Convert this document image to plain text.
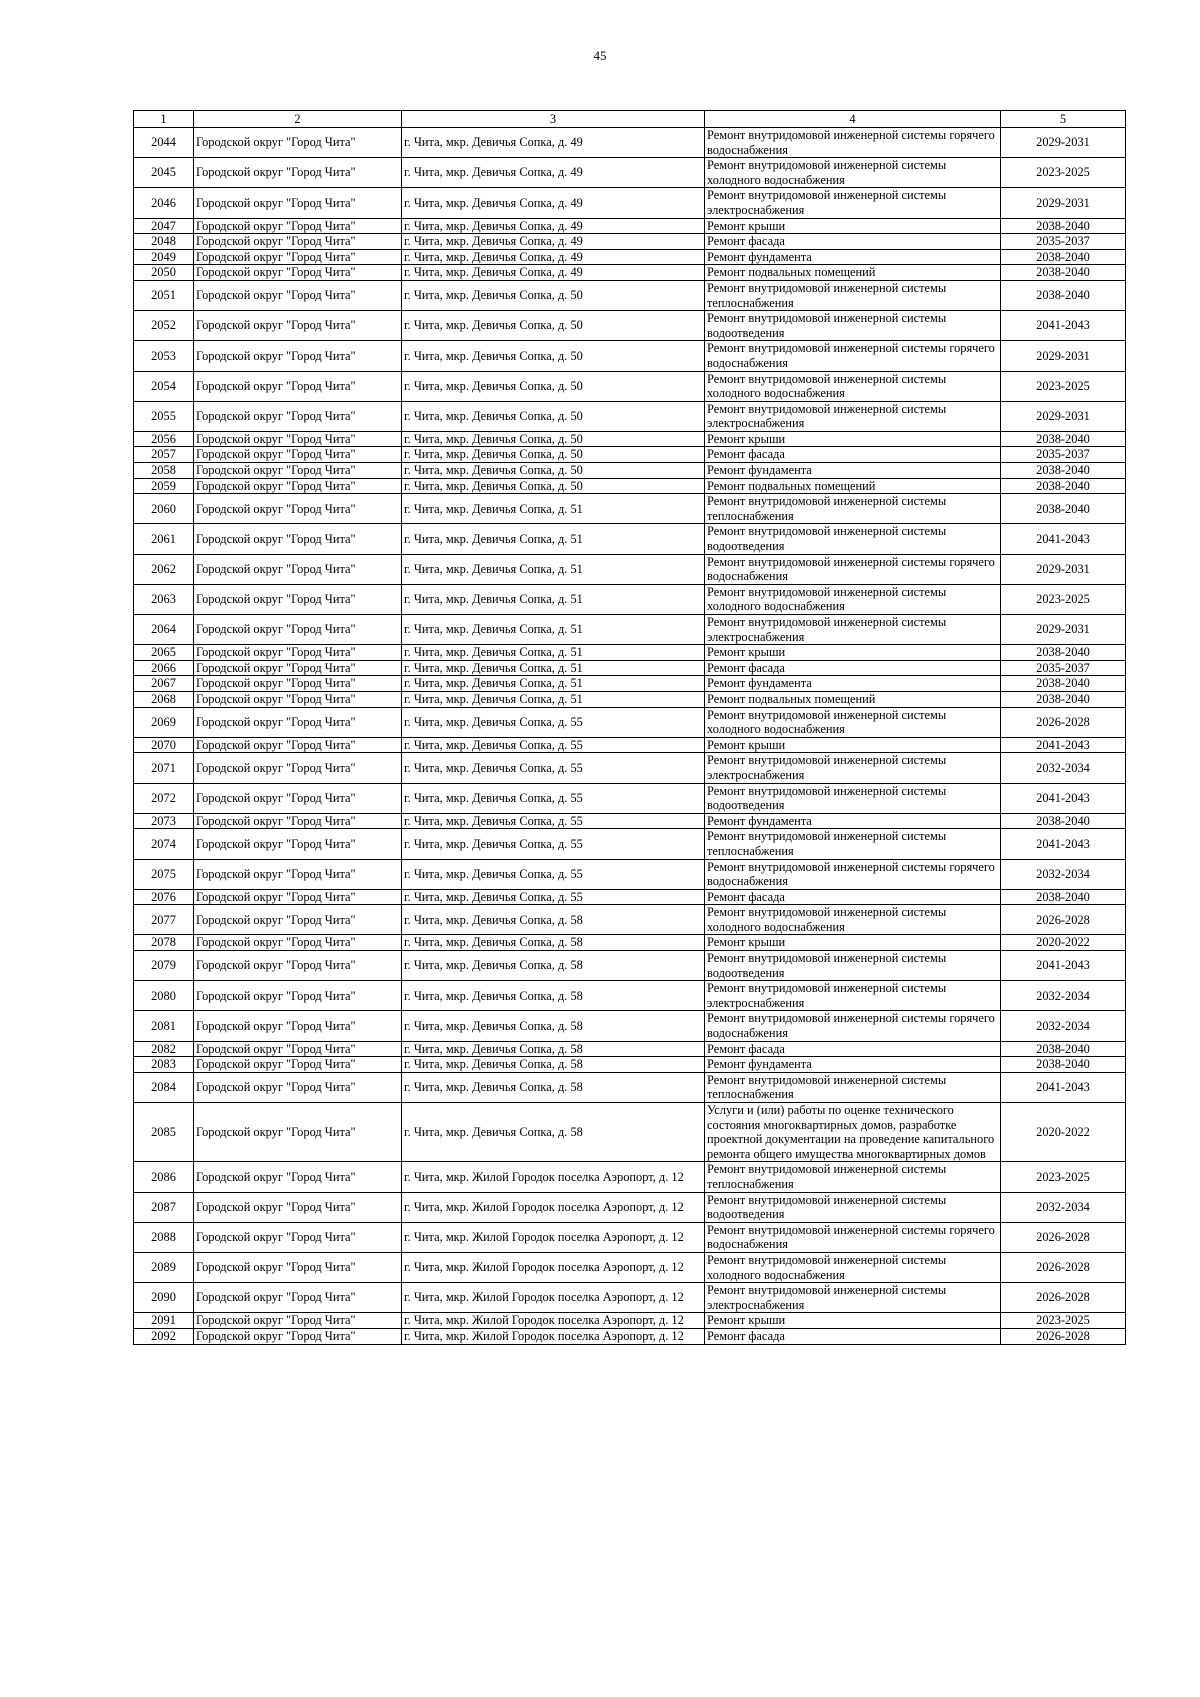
45
1	2	3	4	5
2044	Городской округ "Город Чита"	г. Чита, мкр. Девичья Сопка, д. 49	Ремонт внутридомовой инженерной системы горячего водоснабжения	2029-2031
2045	Городской округ "Город Чита"	г. Чита, мкр. Девичья Сопка, д. 49	Ремонт внутридомовой инженерной системы холодного водоснабжения	2023-2025
2046	Городской округ "Город Чита"	г. Чита, мкр. Девичья Сопка, д. 49	Ремонт внутридомовой инженерной системы электроснабжения	2029-2031
2047	Городской округ "Город Чита"	г. Чита, мкр. Девичья Сопка, д. 49	Ремонт крыши	2038-2040
2048	Городской округ "Город Чита"	г. Чита, мкр. Девичья Сопка, д. 49	Ремонт фасада	2035-2037
2049	Городской округ "Город Чита"	г. Чита, мкр. Девичья Сопка, д. 49	Ремонт фундамента	2038-2040
2050	Городской округ "Город Чита"	г. Чита, мкр. Девичья Сопка, д. 49	Ремонт подвальных помещений	2038-2040
2051	Городской округ "Город Чита"	г. Чита, мкр. Девичья Сопка, д. 50	Ремонт внутридомовой инженерной системы теплоснабжения	2038-2040
2052	Городской округ "Город Чита"	г. Чита, мкр. Девичья Сопка, д. 50	Ремонт внутридомовой инженерной системы водоотведения	2041-2043
2053	Городской округ "Город Чита"	г. Чита, мкр. Девичья Сопка, д. 50	Ремонт внутридомовой инженерной системы горячего водоснабжения	2029-2031
2054	Городской округ "Город Чита"	г. Чита, мкр. Девичья Сопка, д. 50	Ремонт внутридомовой инженерной системы холодного водоснабжения	2023-2025
2055	Городской округ "Город Чита"	г. Чита, мкр. Девичья Сопка, д. 50	Ремонт внутридомовой инженерной системы электроснабжения	2029-2031
2056	Городской округ "Город Чита"	г. Чита, мкр. Девичья Сопка, д. 50	Ремонт крыши	2038-2040
2057	Городской округ "Город Чита"	г. Чита, мкр. Девичья Сопка, д. 50	Ремонт фасада	2035-2037
2058	Городской округ "Город Чита"	г. Чита, мкр. Девичья Сопка, д. 50	Ремонт фундамента	2038-2040
2059	Городской округ "Город Чита"	г. Чита, мкр. Девичья Сопка, д. 50	Ремонт подвальных помещений	2038-2040
2060	Городской округ "Город Чита"	г. Чита, мкр. Девичья Сопка, д. 51	Ремонт внутридомовой инженерной системы теплоснабжения	2038-2040
2061	Городской округ "Город Чита"	г. Чита, мкр. Девичья Сопка, д. 51	Ремонт внутридомовой инженерной системы водоотведения	2041-2043
2062	Городской округ "Город Чита"	г. Чита, мкр. Девичья Сопка, д. 51	Ремонт внутридомовой инженерной системы горячего водоснабжения	2029-2031
2063	Городской округ "Город Чита"	г. Чита, мкр. Девичья Сопка, д. 51	Ремонт внутридомовой инженерной системы холодного водоснабжения	2023-2025
2064	Городской округ "Город Чита"	г. Чита, мкр. Девичья Сопка, д. 51	Ремонт внутридомовой инженерной системы электроснабжения	2029-2031
2065	Городской округ "Город Чита"	г. Чита, мкр. Девичья Сопка, д. 51	Ремонт крыши	2038-2040
2066	Городской округ "Город Чита"	г. Чита, мкр. Девичья Сопка, д. 51	Ремонт фасада	2035-2037
2067	Городской округ "Город Чита"	г. Чита, мкр. Девичья Сопка, д. 51	Ремонт фундамента	2038-2040
2068	Городской округ "Город Чита"	г. Чита, мкр. Девичья Сопка, д. 51	Ремонт подвальных помещений	2038-2040
2069	Городской округ "Город Чита"	г. Чита, мкр. Девичья Сопка, д. 55	Ремонт внутридомовой инженерной системы холодного водоснабжения	2026-2028
2070	Городской округ "Город Чита"	г. Чита, мкр. Девичья Сопка, д. 55	Ремонт крыши	2041-2043
2071	Городской округ "Город Чита"	г. Чита, мкр. Девичья Сопка, д. 55	Ремонт внутридомовой инженерной системы электроснабжения	2032-2034
2072	Городской округ "Город Чита"	г. Чита, мкр. Девичья Сопка, д. 55	Ремонт внутридомовой инженерной системы водоотведения	2041-2043
2073	Городской округ "Город Чита"	г. Чита, мкр. Девичья Сопка, д. 55	Ремонт фундамента	2038-2040
2074	Городской округ "Город Чита"	г. Чита, мкр. Девичья Сопка, д. 55	Ремонт внутридомовой инженерной системы теплоснабжения	2041-2043
2075	Городской округ "Город Чита"	г. Чита, мкр. Девичья Сопка, д. 55	Ремонт внутридомовой инженерной системы горячего водоснабжения	2032-2034
2076	Городской округ "Город Чита"	г. Чита, мкр. Девичья Сопка, д. 55	Ремонт фасада	2038-2040
2077	Городской округ "Город Чита"	г. Чита, мкр. Девичья Сопка, д. 58	Ремонт внутридомовой инженерной системы холодного водоснабжения	2026-2028
2078	Городской округ "Город Чита"	г. Чита, мкр. Девичья Сопка, д. 58	Ремонт крыши	2020-2022
2079	Городской округ "Город Чита"	г. Чита, мкр. Девичья Сопка, д. 58	Ремонт внутридомовой инженерной системы водоотведения	2041-2043
2080	Городской округ "Город Чита"	г. Чита, мкр. Девичья Сопка, д. 58	Ремонт внутридомовой инженерной системы электроснабжения	2032-2034
2081	Городской округ "Город Чита"	г. Чита, мкр. Девичья Сопка, д. 58	Ремонт внутридомовой инженерной системы горячего водоснабжения	2032-2034
2082	Городской округ "Город Чита"	г. Чита, мкр. Девичья Сопка, д. 58	Ремонт фасада	2038-2040
2083	Городской округ "Город Чита"	г. Чита, мкр. Девичья Сопка, д. 58	Ремонт фундамента	2038-2040
2084	Городской округ "Город Чита"	г. Чита, мкр. Девичья Сопка, д. 58	Ремонт внутридомовой инженерной системы теплоснабжения	2041-2043
2085	Городской округ "Город Чита"	г. Чита, мкр. Девичья Сопка, д. 58	Услуги и (или) работы по оценке технического состояния многоквартирных домов, разработке проектной документации на проведение капитального ремонта общего имущества многоквартирных домов	2020-2022
2086	Городской округ "Город Чита"	г. Чита, мкр. Жилой Городок поселка Аэропорт, д. 12	Ремонт внутридомовой инженерной системы теплоснабжения	2023-2025
2087	Городской округ "Город Чита"	г. Чита, мкр. Жилой Городок поселка Аэропорт, д. 12	Ремонт внутридомовой инженерной системы водоотведения	2032-2034
2088	Городской округ "Город Чита"	г. Чита, мкр. Жилой Городок поселка Аэропорт, д. 12	Ремонт внутридомовой инженерной системы горячего водоснабжения	2026-2028
2089	Городской округ "Город Чита"	г. Чита, мкр. Жилой Городок поселка Аэропорт, д. 12	Ремонт внутридомовой инженерной системы холодного водоснабжения	2026-2028
2090	Городской округ "Город Чита"	г. Чита, мкр. Жилой Городок поселка Аэропорт, д. 12	Ремонт внутридомовой инженерной системы электроснабжения	2026-2028
2091	Городской округ "Город Чита"	г. Чита, мкр. Жилой Городок поселка Аэропорт, д. 12	Ремонт крыши	2023-2025
2092	Городской округ "Город Чита"	г. Чита, мкр. Жилой Городок поселка Аэропорт, д. 12	Ремонт фасада	2026-2028
